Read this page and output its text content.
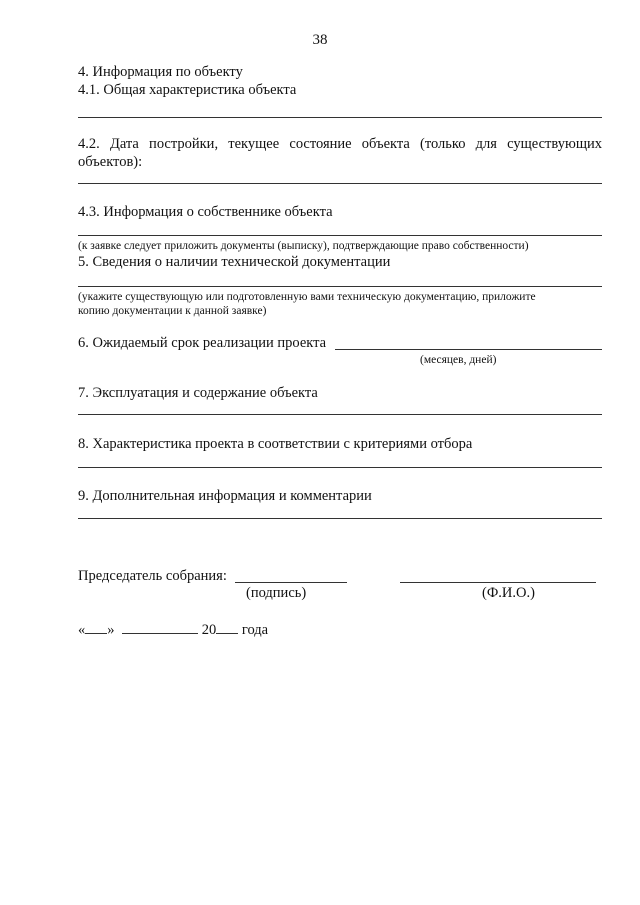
38
4. Информация по объекту
4.1. Общая характеристика объекта
4.2. Дата постройки, текущее состояние объекта (только для существующих
объектов):
4.3. Информация о собственнике объекта
(к заявке следует приложить документы (выписку), подтверждающие право собственности)
5. Сведения о наличии технической документации
(укажите существующую или подготовленную вами техническую документацию, приложите
копию документации к данной заявке)
6. Ожидаемый срок реализации проекта
(месяцев, дней)
7. Эксплуатация и содержание объекта
8. Характеристика проекта в соответствии с критериями отбора
9. Дополнительная информация и комментарии
Председатель собрания:
(подпись)	(Ф.И.О.)
« »	20 года
